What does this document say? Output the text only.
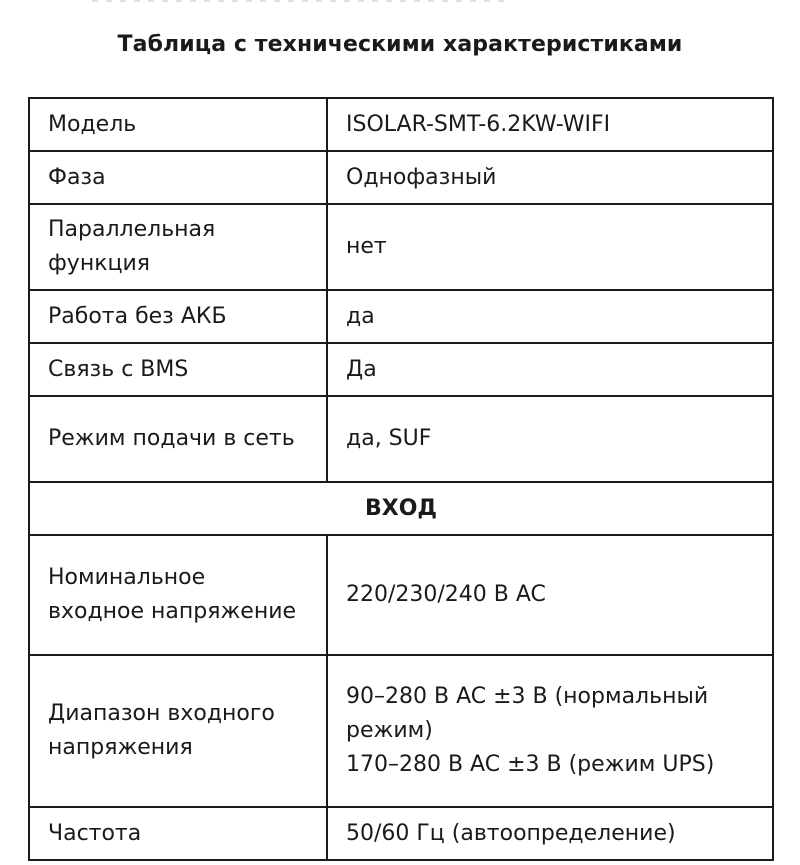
Таблица с техническими характеристиками
Модель	ISOLAR-SMT-6.2KW-WIFI
Фаза	Однофазный
Параллельная функция	нет
Работа без АКБ	да
Связь с BMS	Да
Режим подачи в сеть	да, SUF
ВХОД	
Номинальное входное напряжение	220/230/240 В AC
Диапазон входного напряжения	90–280 В AC ±3 В (нормальный режим)
170–280 В AC ±3 В (режим UPS)

Частота	50/60 Гц (автоопределение)
